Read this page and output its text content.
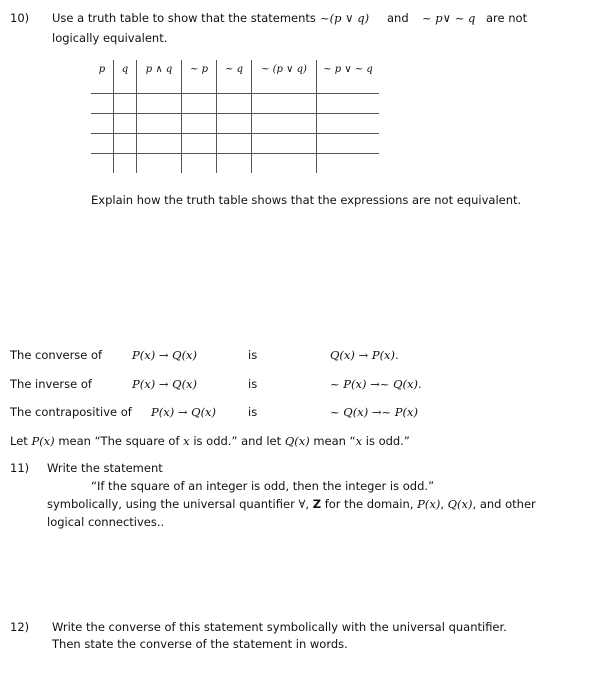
10) Use a truth table to show that the statements ~(p ∨ q) and ~ p∨ ~ q are not
logically equivalent.
p	q	p ∧ q	~ p	~ q	~ (p ∨ q)	~ p ∨ ~ q

Explain how the truth table shows that the expressions are not equivalent.
The converse of	P(x) → Q(x)	is	Q(x) → P(x).
The inverse of	P(x) → Q(x)	is	~ P(x) →~ Q(x).
The contrapositive of P(x) → Q(x)	is	~ Q(x) →~ P(x)
Let P(x) mean “The square of x is odd.” and let Q(x) mean “x is odd.”
11) Write the statement
“If the square of an integer is odd, then the integer is odd.”
symbolically, using the universal quantifier ∀, Z for the domain, P(x), Q(x), and other
logical connectives..
12) Write the converse of this statement symbolically with the universal quantifier.
Then state the converse of the statement in words.
